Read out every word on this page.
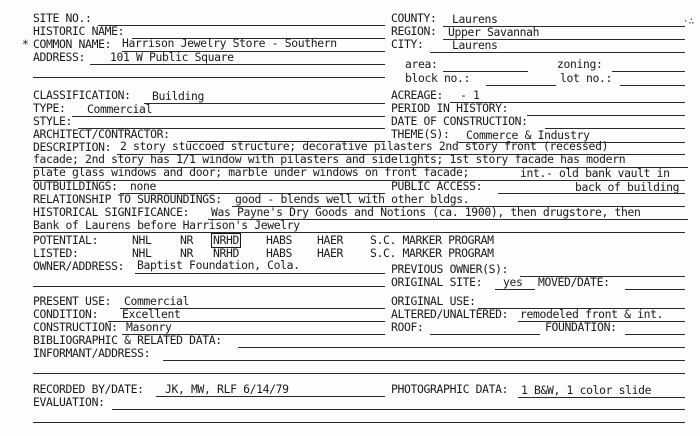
·∴
SITE NO.:	COUNTY: Laurens
HISTORIC NAME:	REGION: Upper Savannah
* COMMON NAME: Harrison Jewelry Store - Southern	CITY: Laurens
ADDRESS: 101 W Public Square	area:	zoning:
block no.:	lot no.:
CLASSIFICATION: Building	ACREAGE: - 1
TYPE: Commercial	PERIOD IN HISTORY:
STYLE:	DATE OF CONSTRUCTION:
ARCHITECT/CONTRACTOR:	THEME(S): Commerce & Industry
DESCRIPTION: 2 story stuccoed structure; decorative pilasters 2nd story front (recessed)
facade; 2nd story has 1/1 window with pilasters and sidelights; 1st story facade has modern
plate glass windows and door; marble under windows on front facade;	int.- old bank vault in
OUTBUILDINGS: none	PUBLIC ACCESS:	back of building
RELATIONSHIP TO SURROUNDINGS: good - blends well with other bldgs.
HISTORICAL SIGNIFICANCE: Was Payne's Dry Goods and Notions (ca. 1900), then drugstore, then
Bank of Laurens before Harrison's Jewelry
POTENTIAL:	NHL NR NRHD HABS HAER S.C. MARKER PROGRAM
LISTED:	NHL NR NRHD HABS HAER S.C. MARKER PROGRAM
OWNER/ADDRESS: Baptist Foundation, Cola.	PREVIOUS OWNER(S):
ORIGINAL SITE: yes MOVED/DATE:
PRESENT USE: Commercial	ORIGINAL USE:
CONDITION: Excellent	ALTERED/UNALTERED: remodeled front & int.
CONSTRUCTION: Masonry	ROOF:	FOUNDATION:
BIBLIOGRAPHIC & RELATED DATA:
INFORMANT/ADDRESS:
RECORDED BY/DATE: JK, MW, RLF 6/14/79	PHOTOGRAPHIC DATA: 1 B&W, 1 color slide
EVALUATION:
